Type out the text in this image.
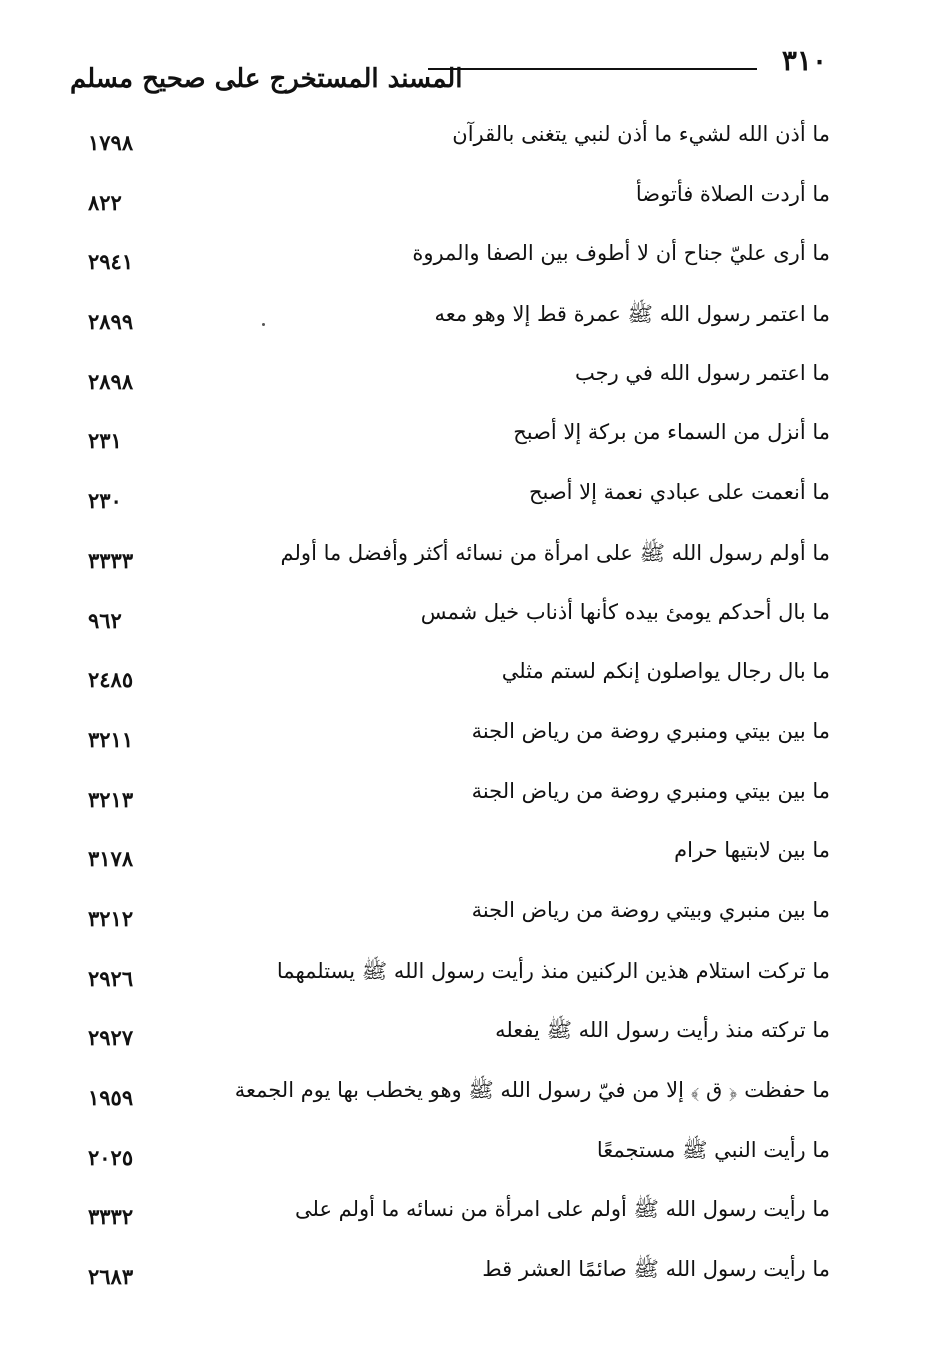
٣١٠
المسند المستخرج على صحيح مسلم
ما أذن الله لشيء ما أذن لنبي يتغنى بالقرآن
١٧٩٨
ما أردت الصلاة فأتوضأ
٨٢٢
ما أرى عليّ جناح أن لا أطوف بين الصفا والمروة
٢٩٤١
ما اعتمر رسول الله ﷺ عمرة قط إلا وهو معه
٢٨٩٩
ما اعتمر رسول الله في رجب
٢٨٩٨
ما أنزل من السماء من بركة إلا أصبح
٢٣١
ما أنعمت على عبادي نعمة إلا أصبح
٢٣٠
ما أولم رسول الله ﷺ على امرأة من نسائه أكثر وأفضل ما أولم
٣٣٣٣
ما بال أحدكم يومئ بيده كأنها أذناب خيل شمس
٩٦٢
ما بال رجال يواصلون إنكم لستم مثلي
٢٤٨٥
ما بين بيتي ومنبري روضة من رياض الجنة
٣٢١١
ما بين بيتي ومنبري روضة من رياض الجنة
٣٢١٣
ما بين لابتيها حرام
٣١٧٨
ما بين منبري وبيتي روضة من رياض الجنة
٣٢١٢
ما تركت استلام هذين الركنين منذ رأيت رسول الله ﷺ يستلمهما
٢٩٢٦
ما تركته منذ رأيت رسول الله ﷺ يفعله
٢٩٢٧
ما حفظت ﴿ ق ﴾ إلا من فيّ رسول الله ﷺ وهو يخطب بها يوم الجمعة
١٩٥٩
ما رأيت النبي ﷺ مستجمعًا
٢٠٢٥
ما رأيت رسول الله ﷺ أولم على امرأة من نسائه ما أولم على
٣٣٣٢
ما رأيت رسول الله ﷺ صائمًا العشر قط
٢٦٨٣
